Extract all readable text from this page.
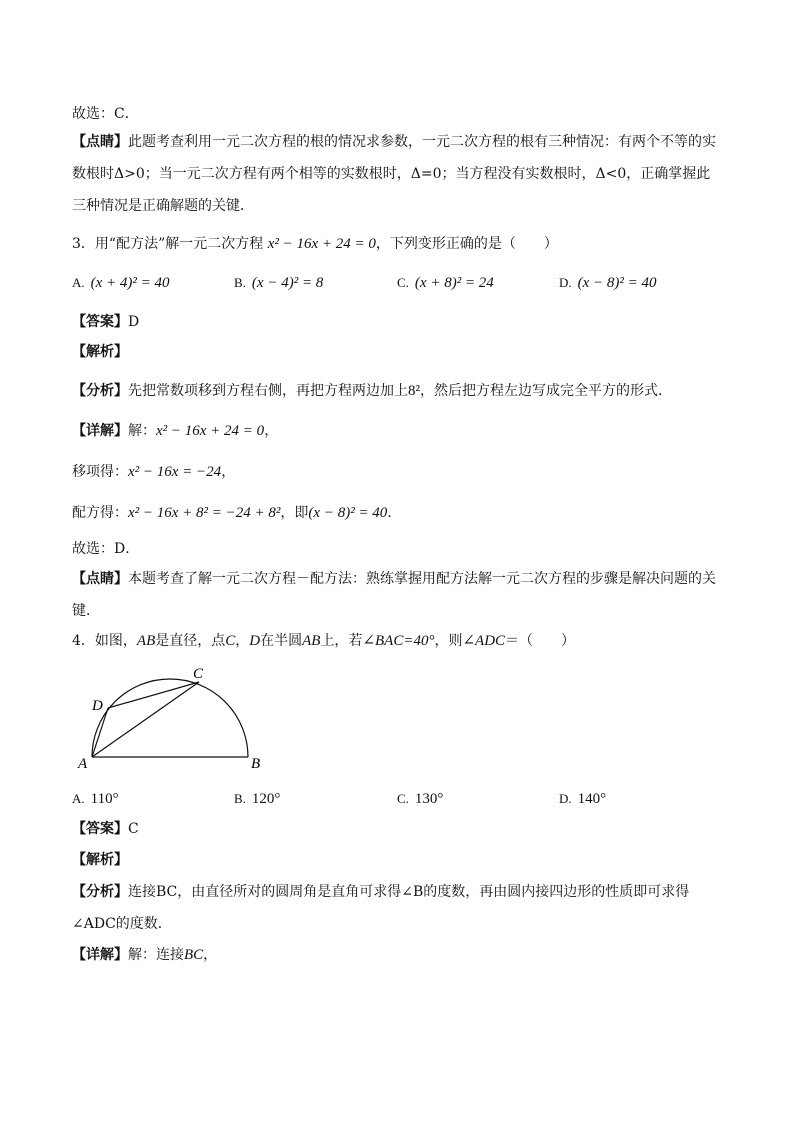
故选：C．
【点睛】此题考查利用一元二次方程的根的情况求参数，一元二次方程的根有三种情况：有两个不等的实数根时Δ>0；当一元二次方程有两个相等的实数根时，Δ=0；当方程没有实数根时，Δ<0，正确掌握此三种情况是正确解题的关键．
3．用“配方法”解一元二次方程 x² − 16x + 24 = 0，下列变形正确的是（　　）
A. (x + 4)² = 40	B. (x − 4)² = 8	C. (x + 8)² = 24	D. (x − 8)² = 40
【答案】D
【解析】
【分析】先把常数项移到方程右侧，再把方程两边加上8²，然后把方程左边写成完全平方的形式．
【详解】解：x² − 16x + 24 = 0，
移项得：x² − 16x = −24，
配方得：x² − 16x + 8² = −24 + 8²，即(x − 8)² = 40．
故选：D．
【点睛】本题考查了解一元二次方程－配方法：熟练掌握用配方法解一元二次方程的步骤是解决问题的关键．
4．如图，AB是直径，点C，D在半圆AB上，若∠BAC=40°，则∠ADC＝（　　）
A	B
C
D
A. 110°	B. 120°	C. 130°	D. 140°
【答案】C
【解析】
【分析】连接BC，由直径所对的圆周角是直角可求得∠B的度数，再由圆内接四边形的性质即可求得∠ADC的度数．
【详解】解：连接BC，
